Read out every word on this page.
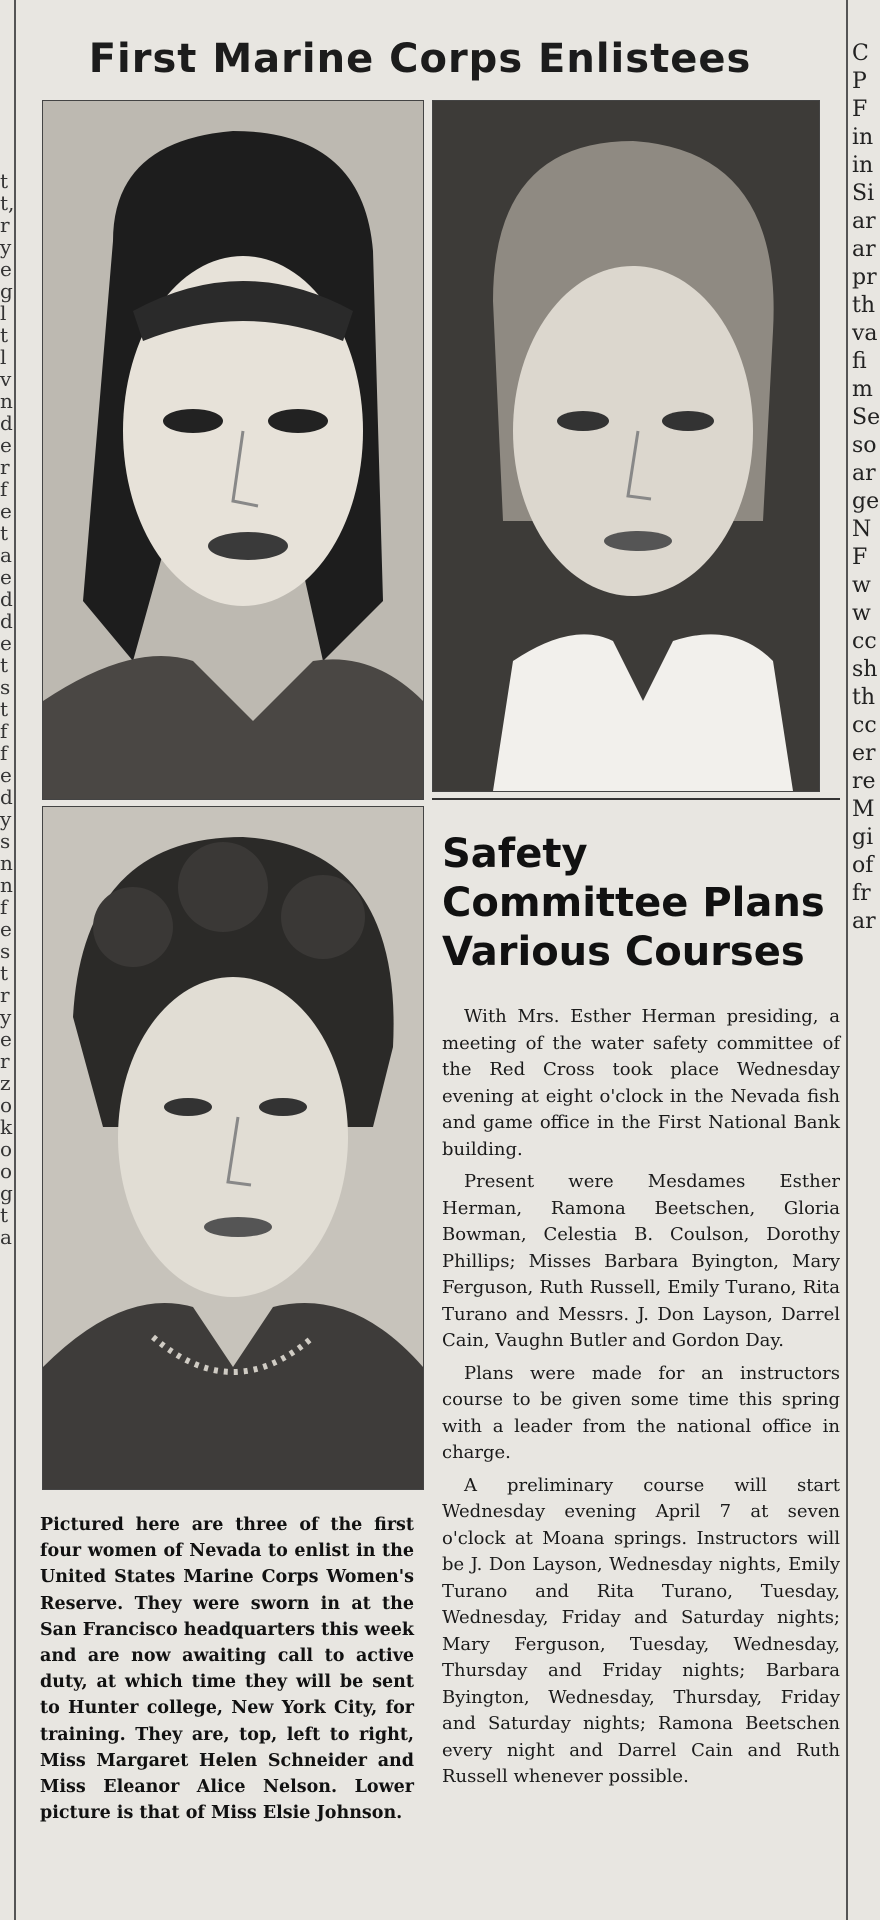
t t, r y e g l t l v n d e r f e t a e d d e t s t f f e d y s n n f e s t r y e r z o k o o g t a
C P F in in Si ar ar pr th va fi m Se so ar ge N F w w cc sh th cc er re M gi of fr ar
First Marine Corps Enlistees
Pictured here are three of the first four women of Nevada to enlist in the United States Marine Corps Women's Reserve. They were sworn in at the San Francisco headquarters this week and are now awaiting call to active duty, at which time they will be sent to Hunter college, New York City, for training. They are, top, left to right, Miss Margaret Helen Schneider and Miss Eleanor Alice Nelson. Lower picture is that of Miss Elsie Johnson.
Safety Committee Plans Various Courses

With Mrs. Esther Herman presiding, a meeting of the water safety committee of the Red Cross took place Wednesday evening at eight o'clock in the Nevada fish and game office in the First National Bank building.

Present were Mesdames Esther Herman, Ramona Beetschen, Gloria Bowman, Celestia B. Coulson, Dorothy Phillips; Misses Barbara Byington, Mary Ferguson, Ruth Russell, Emily Turano, Rita Turano and Messrs. J. Don Layson, Darrel Cain, Vaughn Butler and Gordon Day.

Plans were made for an instructors course to be given some time this spring with a leader from the national office in charge.

A preliminary course will start Wednesday evening April 7 at seven o'clock at Moana springs. Instructors will be J. Don Layson, Wednesday nights, Emily Turano and Rita Turano, Tuesday, Wednesday, Friday and Saturday nights; Mary Ferguson, Tuesday, Wednesday, Thursday and Friday nights; Barbara Byington, Wednesday, Thursday, Friday and Saturday nights; Ramona Beetschen every night and Darrel Cain and Ruth Russell whenever possible.
